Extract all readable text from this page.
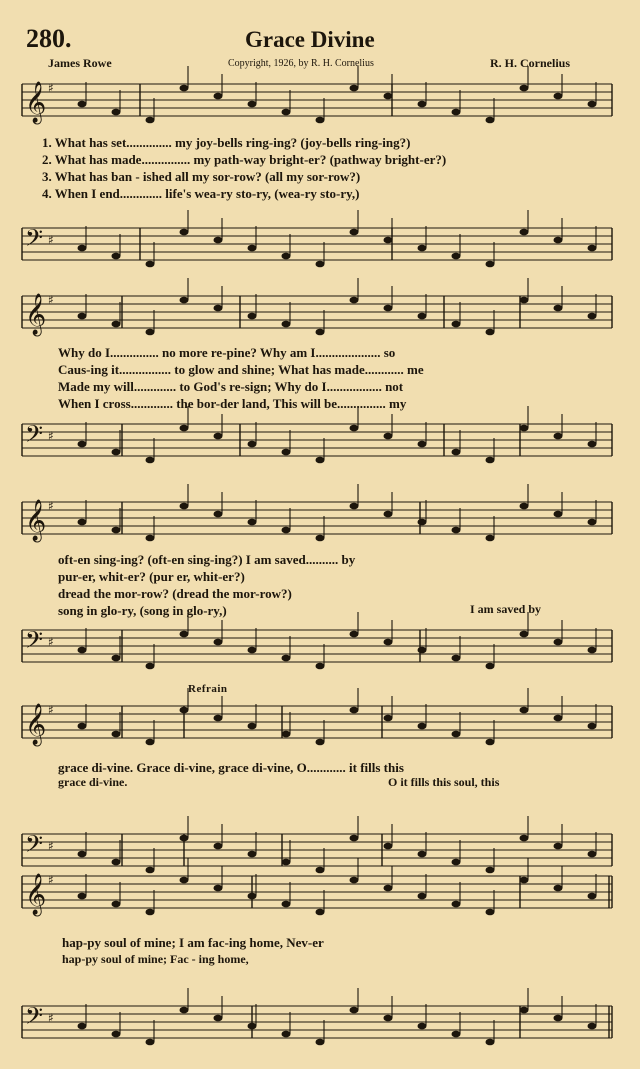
280.	Grace Divine
James Rowe	Copyright, 1926, by R. H. Cornelius	R. H. Cornelius
𝄞 ♯
𝄢 ♯
𝄞 ♯
𝄢 ♯
𝄞 ♯
𝄢 ♯
𝄞 ♯
𝄢 ♯
𝄞 ♯
𝄢 ♯
1. What has set.............. my joy-bells ring-ing? (joy-bells ring-ing?)
2. What has made............... my path-way bright-er? (pathway bright-er?)
3. What has ban - ished all my sor-row? (all my sor-row?)
4. When I end............. life's wea-ry sto-ry, (wea-ry sto-ry,)
Why do I............... no more re-pine? Why am I.................... so
Caus-ing it................ to glow and shine; What has made............ me
Made my will............. to God's re-sign; Why do I................. not
When I cross............. the bor-der land, This will be............... my
oft-en sing-ing? (oft-en sing-ing?) I am saved.......... by
pur-er, whit-er? (pur er, whit-er?)
dread the mor-row? (dread the mor-row?)
song in glo-ry, (song in glo-ry,)	I am saved by
Refrain
grace di-vine. Grace di-vine, grace di-vine, O............ it fills this
grace di-vine.	O it fills this soul, this
hap-py soul of mine; I am fac-ing home, Nev-er
hap-py soul of mine; Fac - ing home,
